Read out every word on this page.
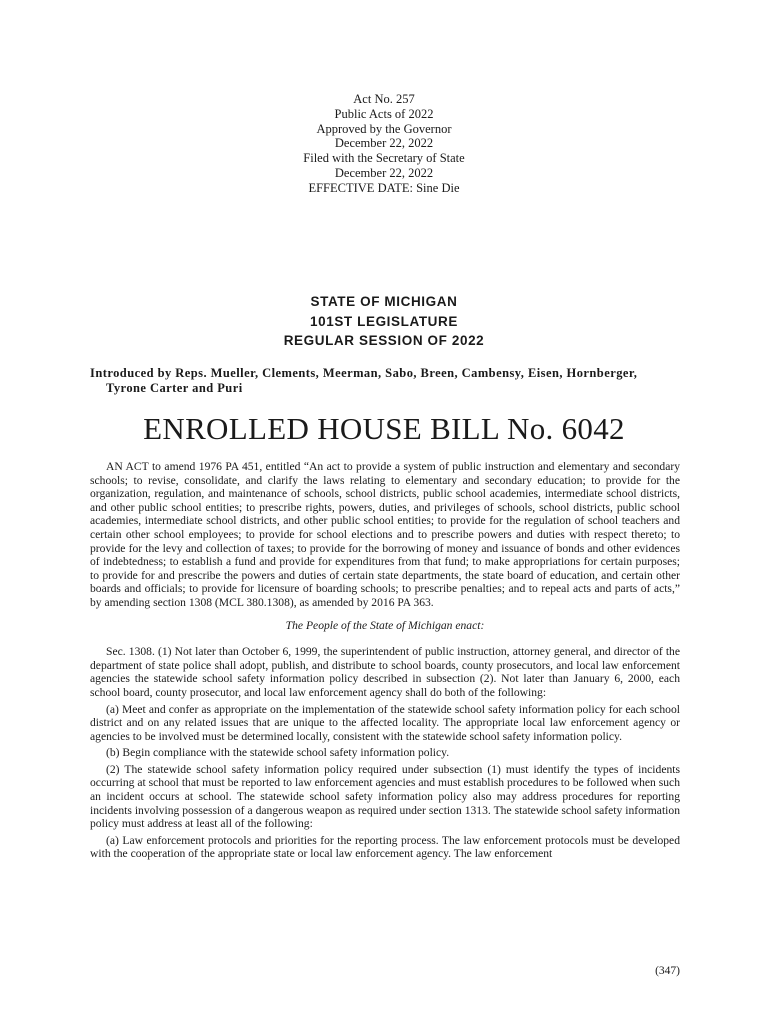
Act No. 257
Public Acts of 2022
Approved by the Governor
December 22, 2022
Filed with the Secretary of State
December 22, 2022
EFFECTIVE DATE: Sine Die
STATE OF MICHIGAN
101ST LEGISLATURE
REGULAR SESSION OF 2022
Introduced by Reps. Mueller, Clements, Meerman, Sabo, Breen, Cambensy, Eisen, Hornberger,
Tyrone Carter and Puri
ENROLLED HOUSE BILL No. 6042

AN ACT to amend 1976 PA 451, entitled “An act to provide a system of public instruction and elementary and secondary schools; to revise, consolidate, and clarify the laws relating to elementary and secondary education; to provide for the organization, regulation, and maintenance of schools, school districts, public school academies, intermediate school districts, and other public school entities; to prescribe rights, powers, duties, and privileges of schools, school districts, public school academies, intermediate school districts, and other public school entities; to provide for the regulation of school teachers and certain other school employees; to provide for school elections and to prescribe powers and duties with respect thereto; to provide for the levy and collection of taxes; to provide for the borrowing of money and issuance of bonds and other evidences of indebtedness; to establish a fund and provide for expenditures from that fund; to make appropriations for certain purposes; to provide for and prescribe the powers and duties of certain state departments, the state board of education, and certain other boards and officials; to provide for licensure of boarding schools; to prescribe penalties; and to repeal acts and parts of acts,” by amending section 1308 (MCL 380.1308), as amended by 2016 PA 363.

The People of the State of Michigan enact:

Sec. 1308. (1) Not later than October 6, 1999, the superintendent of public instruction, attorney general, and director of the department of state police shall adopt, publish, and distribute to school boards, county prosecutors, and local law enforcement agencies the statewide school safety information policy described in subsection (2). Not later than January 6, 2000, each school board, county prosecutor, and local law enforcement agency shall do both of the following:

(a) Meet and confer as appropriate on the implementation of the statewide school safety information policy for each school district and on any related issues that are unique to the affected locality. The appropriate local law enforcement agency or agencies to be involved must be determined locally, consistent with the statewide school safety information policy.

(b) Begin compliance with the statewide school safety information policy.

(2) The statewide school safety information policy required under subsection (1) must identify the types of incidents occurring at school that must be reported to law enforcement agencies and must establish procedures to be followed when such an incident occurs at school. The statewide school safety information policy also may address procedures for reporting incidents involving possession of a dangerous weapon as required under section 1313. The statewide school safety information policy must address at least all of the following:

(a) Law enforcement protocols and priorities for the reporting process. The law enforcement protocols must be developed with the cooperation of the appropriate state or local law enforcement agency. The law enforcement

(347)
